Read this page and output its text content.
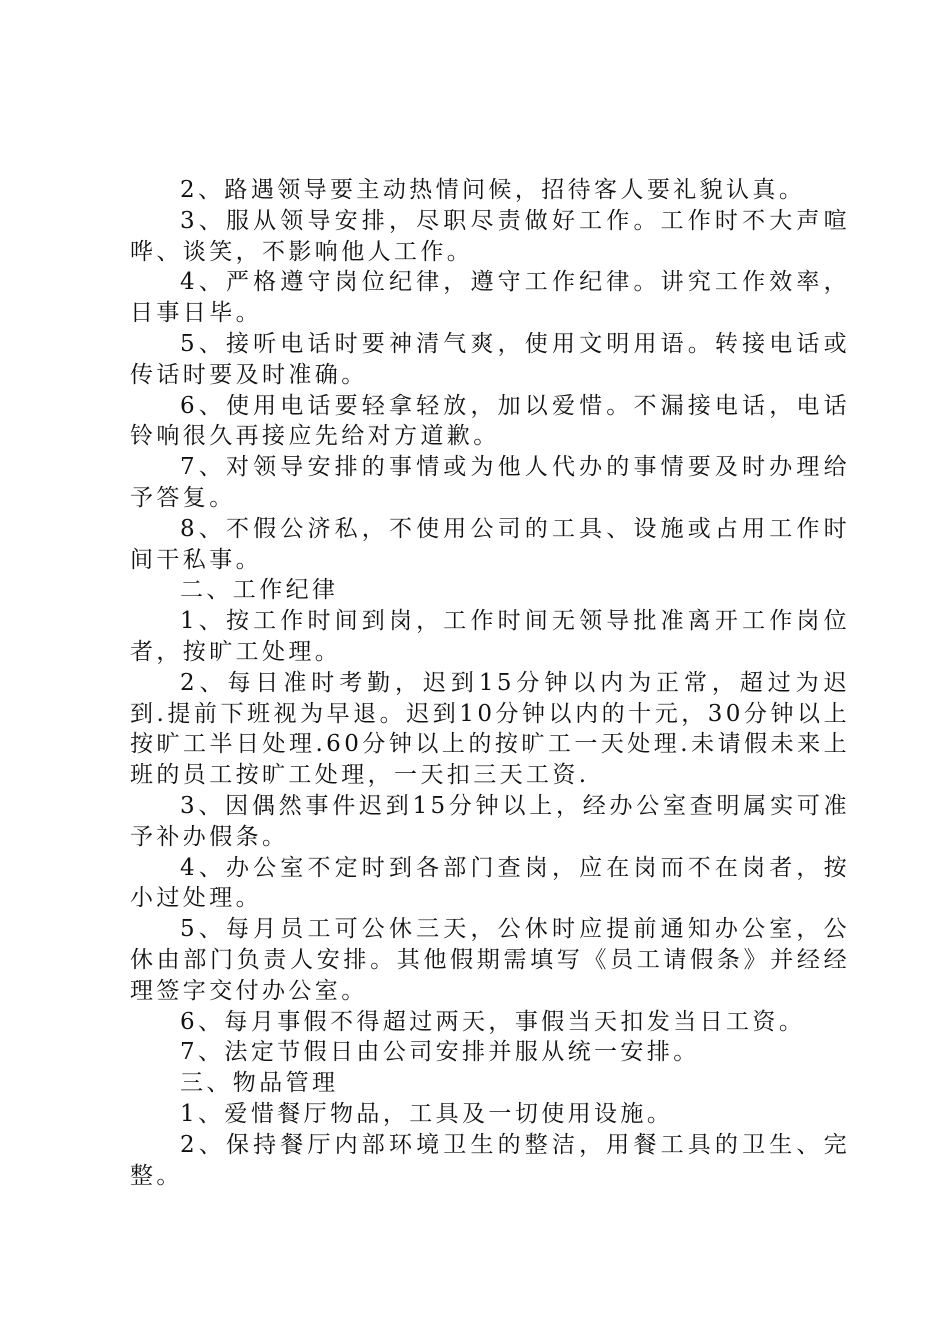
2、路遇领导要主动热情问候，招待客人要礼貌认真。

3、服从领导安排，尽职尽责做好工作。工作时不大声喧哗、谈笑，不影响他人工作。

4、严格遵守岗位纪律，遵守工作纪律。讲究工作效率，日事日毕。

5、接听电话时要神清气爽，使用文明用语。转接电话或传话时要及时准确。

6、使用电话要轻拿轻放，加以爱惜。不漏接电话，电话铃响很久再接应先给对方道歉。

7、对领导安排的事情或为他人代办的事情要及时办理给予答复。

8、不假公济私，不使用公司的工具、设施或占用工作时间干私事。

二、工作纪律

1、按工作时间到岗，工作时间无领导批准离开工作岗位者，按旷工处理。

2、每日准时考勤，迟到15分钟以内为正常，超过为迟到.提前下班视为早退。迟到10分钟以内的十元，30分钟以上按旷工半日处理.60分钟以上的按旷工一天处理.未请假未来上班的员工按旷工处理，一天扣三天工资.

3、因偶然事件迟到15分钟以上，经办公室查明属实可准予补办假条。

4、办公室不定时到各部门查岗，应在岗而不在岗者，按小过处理。

5、每月员工可公休三天，公休时应提前通知办公室，公休由部门负责人安排。其他假期需填写《员工请假条》并经经理签字交付办公室。

6、每月事假不得超过两天，事假当天扣发当日工资。

7、法定节假日由公司安排并服从统一安排。

三、物品管理

1、爱惜餐厅物品，工具及一切使用设施。

2、保持餐厅内部环境卫生的整洁，用餐工具的卫生、完整。
